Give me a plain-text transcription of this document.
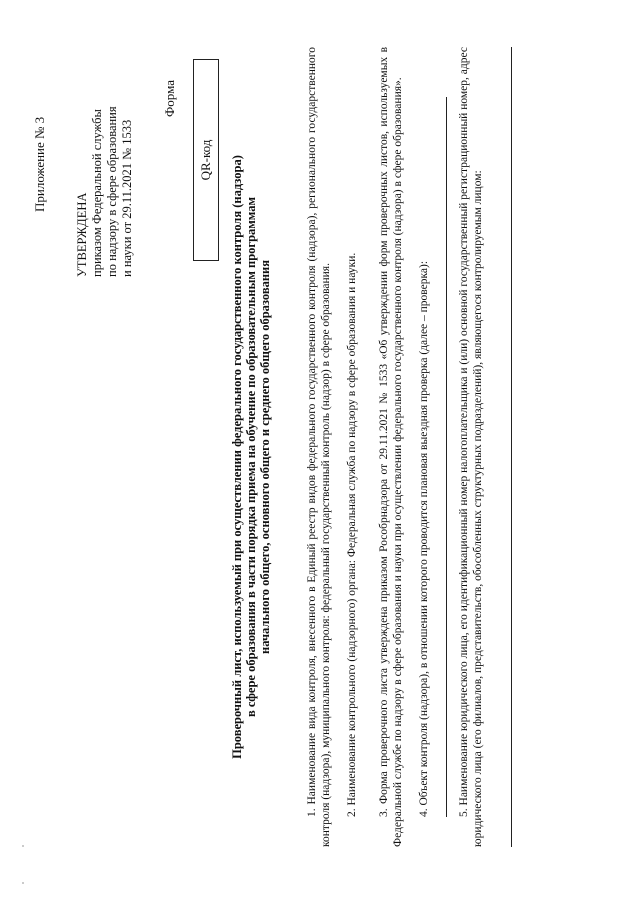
Приложение № 3
УТВЕРЖДЕНА приказом Федеральной службы по надзору в сфере образования и науки от 29.11.2021 № 1533
Форма
QR-код	Проверочный лист, используемый при осуществлении федерального государственного контроля (надзора) в сфере образования в части порядка приема на обучение по образовательным программам начального общего, основного общего и среднего общего образования	1. Наименование вида контроля, внесенного в Единый реестр видов федерального государственного контроля (надзора), регионального государственного контроля (надзора), муниципального контроля: федеральный государственный контроль (надзор) в сфере образования. 2. Наименование контрольного (надзорного) органа: Федеральная служба по надзору в сфере образования и науки. 3. Форма проверочного листа утверждена приказом Рособрнадзора от 29.11.2021 № 1533 «Об утверждении форм проверочных листов, используемых в Федеральной службе по надзору в сфере образования и науки при осуществлении федерального государственного контроля (надзора) в сфере образования». 4. Объект контроля (надзора), в отношении которого проводится плановая выездная проверка (далее – проверка): 5. Наименование юридического лица, его идентификационный номер налогоплательщика и (или) основной государственный регистрационный номер, адрес юридического лица (его филиалов, представительств, обособленных структурных подразделений), являющегося контролируемым лицом:
